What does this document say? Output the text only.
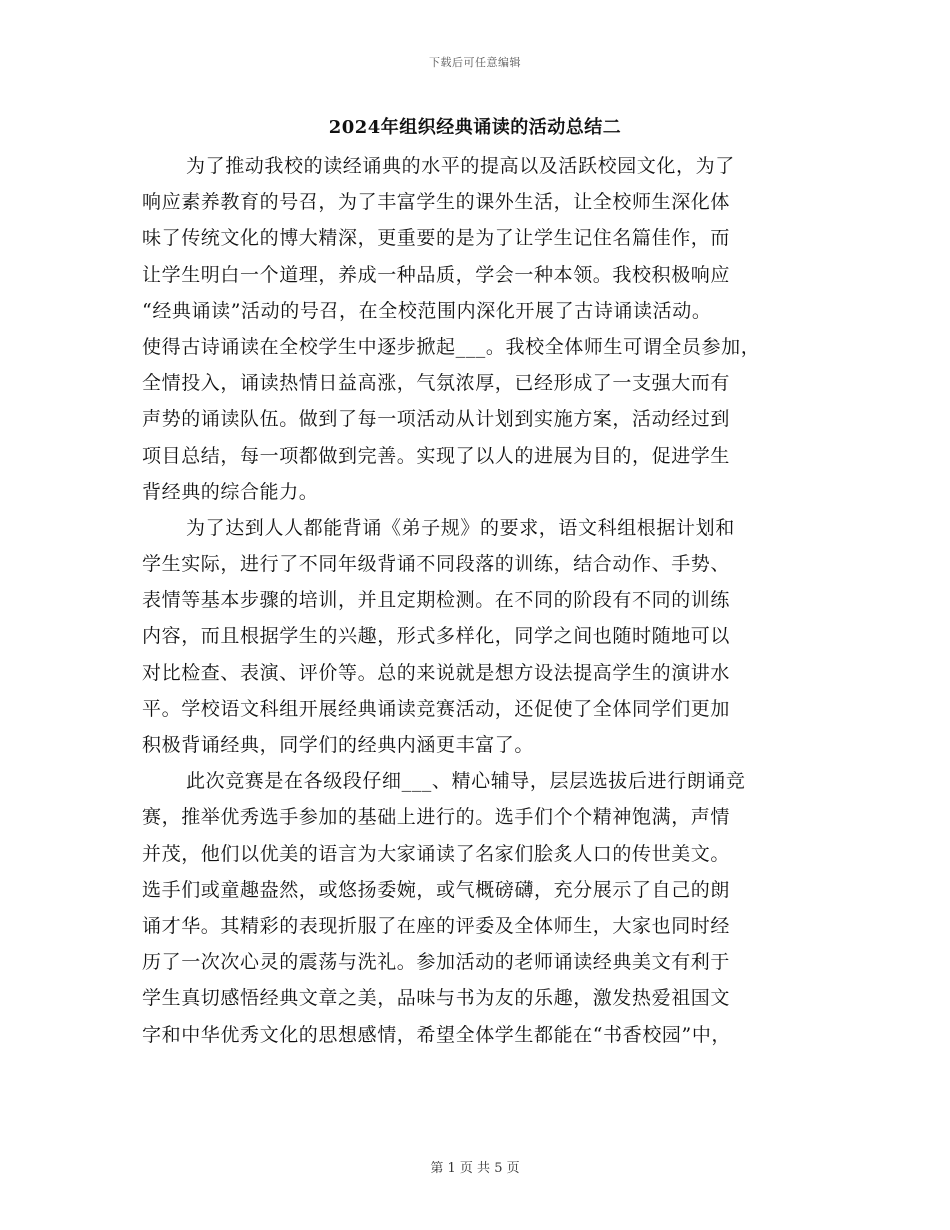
下载后可任意编辑
2024年组织经典诵读的活动总结二
为了推动我校的读经诵典的水平的提高以及活跃校园文化，为了
响应素养教育的号召，为了丰富学生的课外生活，让全校师生深化体
味了传统文化的博大精深，更重要的是为了让学生记住名篇佳作，而
让学生明白一个道理，养成一种品质，学会一种本领。我校积极响应
“经典诵读”活动的号召，在全校范围内深化开展了古诗诵读活动。
使得古诗诵读在全校学生中逐步掀起___。我校全体师生可谓全员参加，
全情投入，诵读热情日益高涨，气氛浓厚，已经形成了一支强大而有
声势的诵读队伍。做到了每一项活动从计划到实施方案，活动经过到
项目总结，每一项都做到完善。实现了以人的进展为目的，促进学生
背经典的综合能力。
为了达到人人都能背诵《弟子规》的要求，语文科组根据计划和
学生实际，进行了不同年级背诵不同段落的训练，结合动作、手势、
表情等基本步骤的培训，并且定期检测。在不同的阶段有不同的训练
内容，而且根据学生的兴趣，形式多样化，同学之间也随时随地可以
对比检查、表演、评价等。总的来说就是想方设法提高学生的演讲水
平。学校语文科组开展经典诵读竞赛活动，还促使了全体同学们更加
积极背诵经典，同学们的经典内涵更丰富了。
此次竞赛是在各级段仔细___、精心辅导，层层选拔后进行朗诵竞
赛，推举优秀选手参加的基础上进行的。选手们个个精神饱满，声情
并茂，他们以优美的语言为大家诵读了名家们脍炙人口的传世美文。
选手们或童趣盎然，或悠扬委婉，或气概磅礴，充分展示了自己的朗
诵才华。其精彩的表现折服了在座的评委及全体师生，大家也同时经
历了一次次心灵的震荡与洗礼。参加活动的老师诵读经典美文有利于
学生真切感悟经典文章之美，品味与书为友的乐趣，激发热爱祖国文
字和中华优秀文化的思想感情，希望全体学生都能在“书香校园”中，
第 1 页 共 5 页
